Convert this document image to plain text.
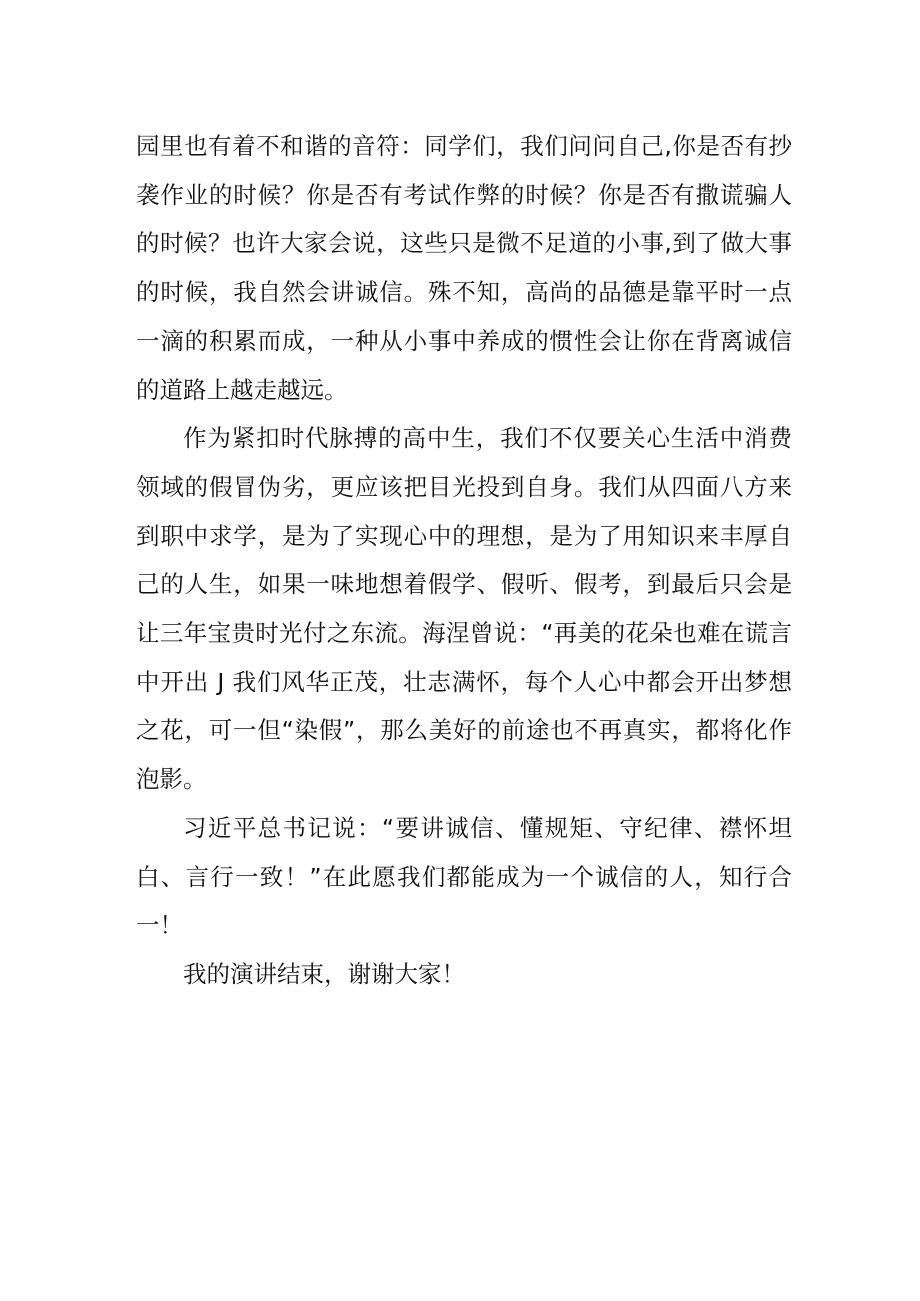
园里也有着不和谐的音符：同学们，我们问问自己,你是否有抄袭作业的时候？你是否有考试作弊的时候？你是否有撒谎骗人的时候？也许大家会说，这些只是微不足道的小事,到了做大事的时候，我自然会讲诚信。殊不知，高尚的品德是靠平时一点一滴的积累而成，一种从小事中养成的惯性会让你在背离诚信的道路上越走越远。

作为紧扣时代脉搏的高中生，我们不仅要关心生活中消费领域的假冒伪劣，更应该把目光投到自身。我们从四面八方来到职中求学，是为了实现心中的理想，是为了用知识来丰厚自己的人生，如果一味地想着假学、假听、假考，到最后只会是让三年宝贵时光付之东流。海涅曾说：“再美的花朵也难在谎言中开出 J 我们风华正茂，壮志满怀，每个人心中都会开出梦想之花，可一但“染假”，那么美好的前途也不再真实，都将化作泡影。

习近平总书记说：“要讲诚信、懂规矩、守纪律、襟怀坦白、言行一致！”在此愿我们都能成为一个诚信的人，知行合一！

我的演讲结束，谢谢大家！
